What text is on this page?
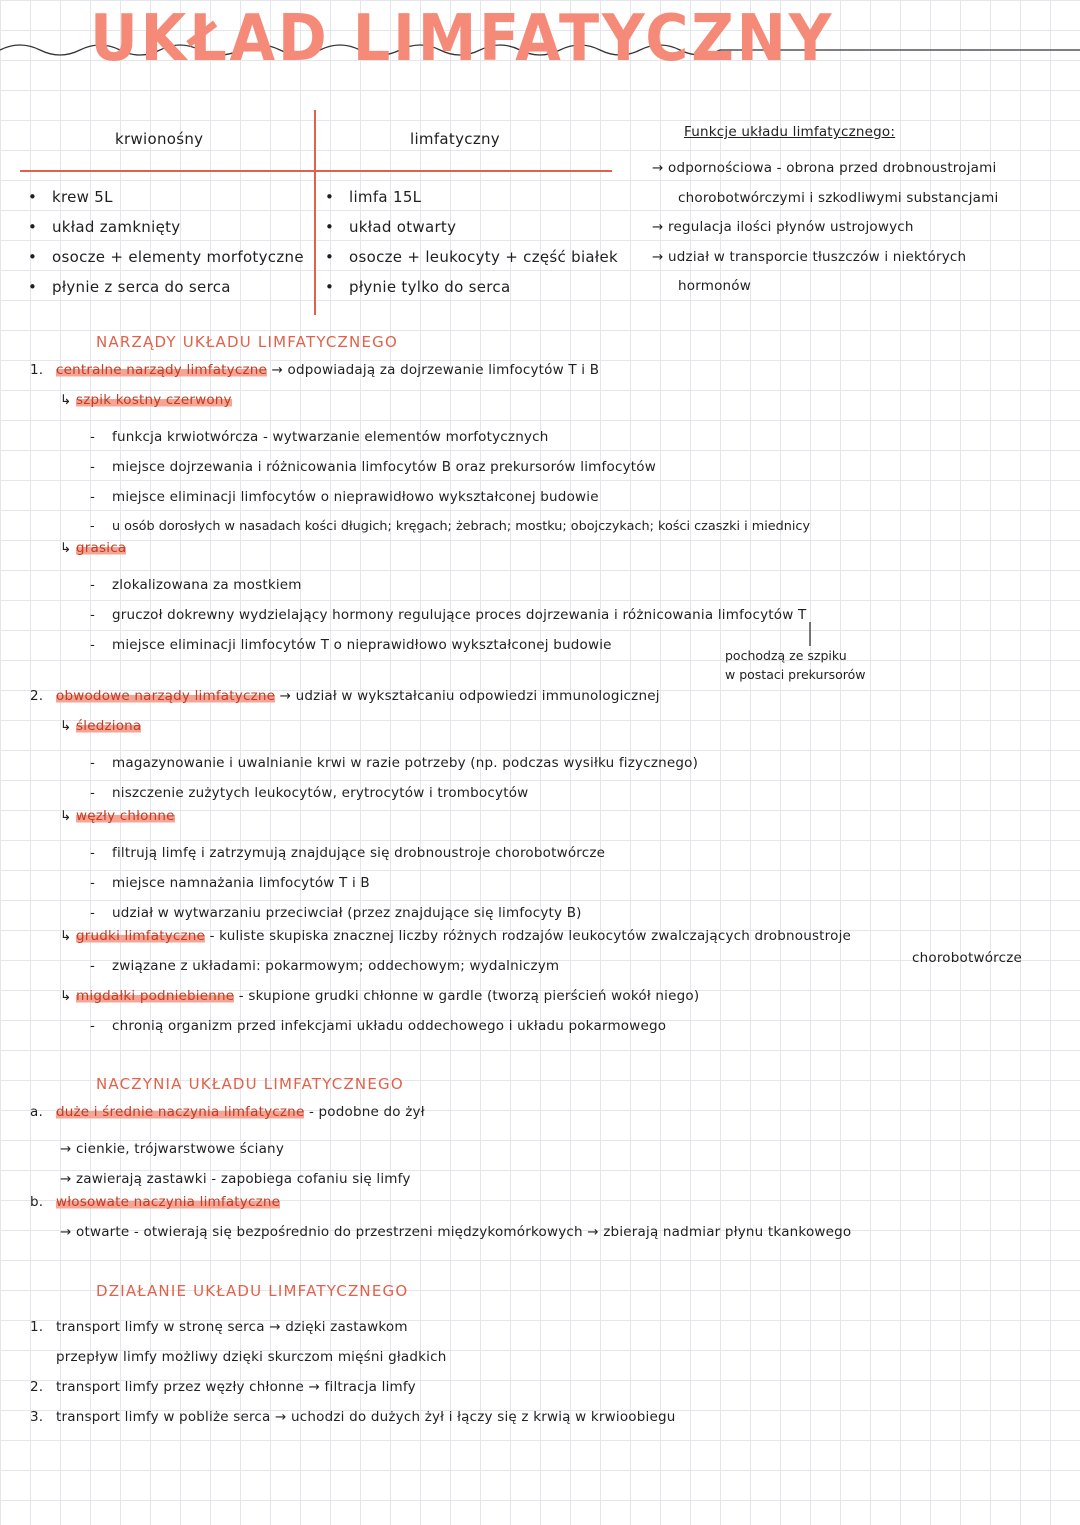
UKŁAD LIMFATYCZNY
krwionośny	limfatyczny
• krew 5L
• układ zamknięty
• osocze + elementy morfotyczne
• płynie z serca do serca
• limfa 15L
• układ otwarty
• osocze + leukocyty + część białek
• płynie tylko do serca
Funkcje układu limfatycznego:
→ odpornościowa - obrona przed drobnoustrojami
chorobotwórczymi i szkodliwymi substancjami
→ regulacja ilości płynów ustrojowych
→ udział w transporcie tłuszczów i niektórych
hormonów
NARZĄDY UKŁADU LIMFATYCZNEGO
1. centralne narządy limfatyczne → odpowiadają za dojrzewanie limfocytów T i B
↳ szpik kostny czerwony
- funkcja krwiotwórcza - wytwarzanie elementów morfotycznych
- miejsce dojrzewania i różnicowania limfocytów B oraz prekursorów limfocytów
- miejsce eliminacji limfocytów o nieprawidłowo wykształconej budowie
- u osób dorosłych w nasadach kości długich; kręgach; żebrach; mostku; obojczykach; kości czaszki i miednicy
↳ grasica
- zlokalizowana za mostkiem
- gruczoł dokrewny wydzielający hormony regulujące proces dojrzewania i różnicowania limfocytów T
- miejsce eliminacji limfocytów T o nieprawidłowo wykształconej budowie
pochodzą ze szpiku
w postaci prekursorów
2. obwodowe narządy limfatyczne → udział w wykształcaniu odpowiedzi immunologicznej
↳ śledziona
- magazynowanie i uwalnianie krwi w razie potrzeby (np. podczas wysiłku fizycznego)
- niszczenie zużytych leukocytów, erytrocytów i trombocytów
↳ węzły chłonne
- filtrują limfę i zatrzymują znajdujące się drobnoustroje chorobotwórcze
- miejsce namnażania limfocytów T i B
- udział w wytwarzaniu przeciwciał (przez znajdujące się limfocyty B)
↳ grudki limfatyczne - kuliste skupiska znacznej liczby różnych rodzajów leukocytów zwalczających drobnoustroje
chorobotwórcze
- związane z układami: pokarmowym; oddechowym; wydalniczym
↳ migdałki podniebienne - skupione grudki chłonne w gardle (tworzą pierścień wokół niego)
- chronią organizm przed infekcjami układu oddechowego i układu pokarmowego
NACZYNIA UKŁADU LIMFATYCZNEGO
a. duże i średnie naczynia limfatyczne - podobne do żył
→ cienkie, trójwarstwowe ściany
→ zawierają zastawki - zapobiega cofaniu się limfy
b. włosowate naczynia limfatyczne
→ otwarte - otwierają się bezpośrednio do przestrzeni międzykomórkowych → zbierają nadmiar płynu tkankowego
DZIAŁANIE UKŁADU LIMFATYCZNEGO
1. transport limfy w stronę serca → dzięki zastawkom
przepływ limfy możliwy dzięki skurczom mięśni gładkich
2. transport limfy przez węzły chłonne → filtracja limfy
3. transport limfy w pobliże serca → uchodzi do dużych żył i łączy się z krwią w krwioobiegu
